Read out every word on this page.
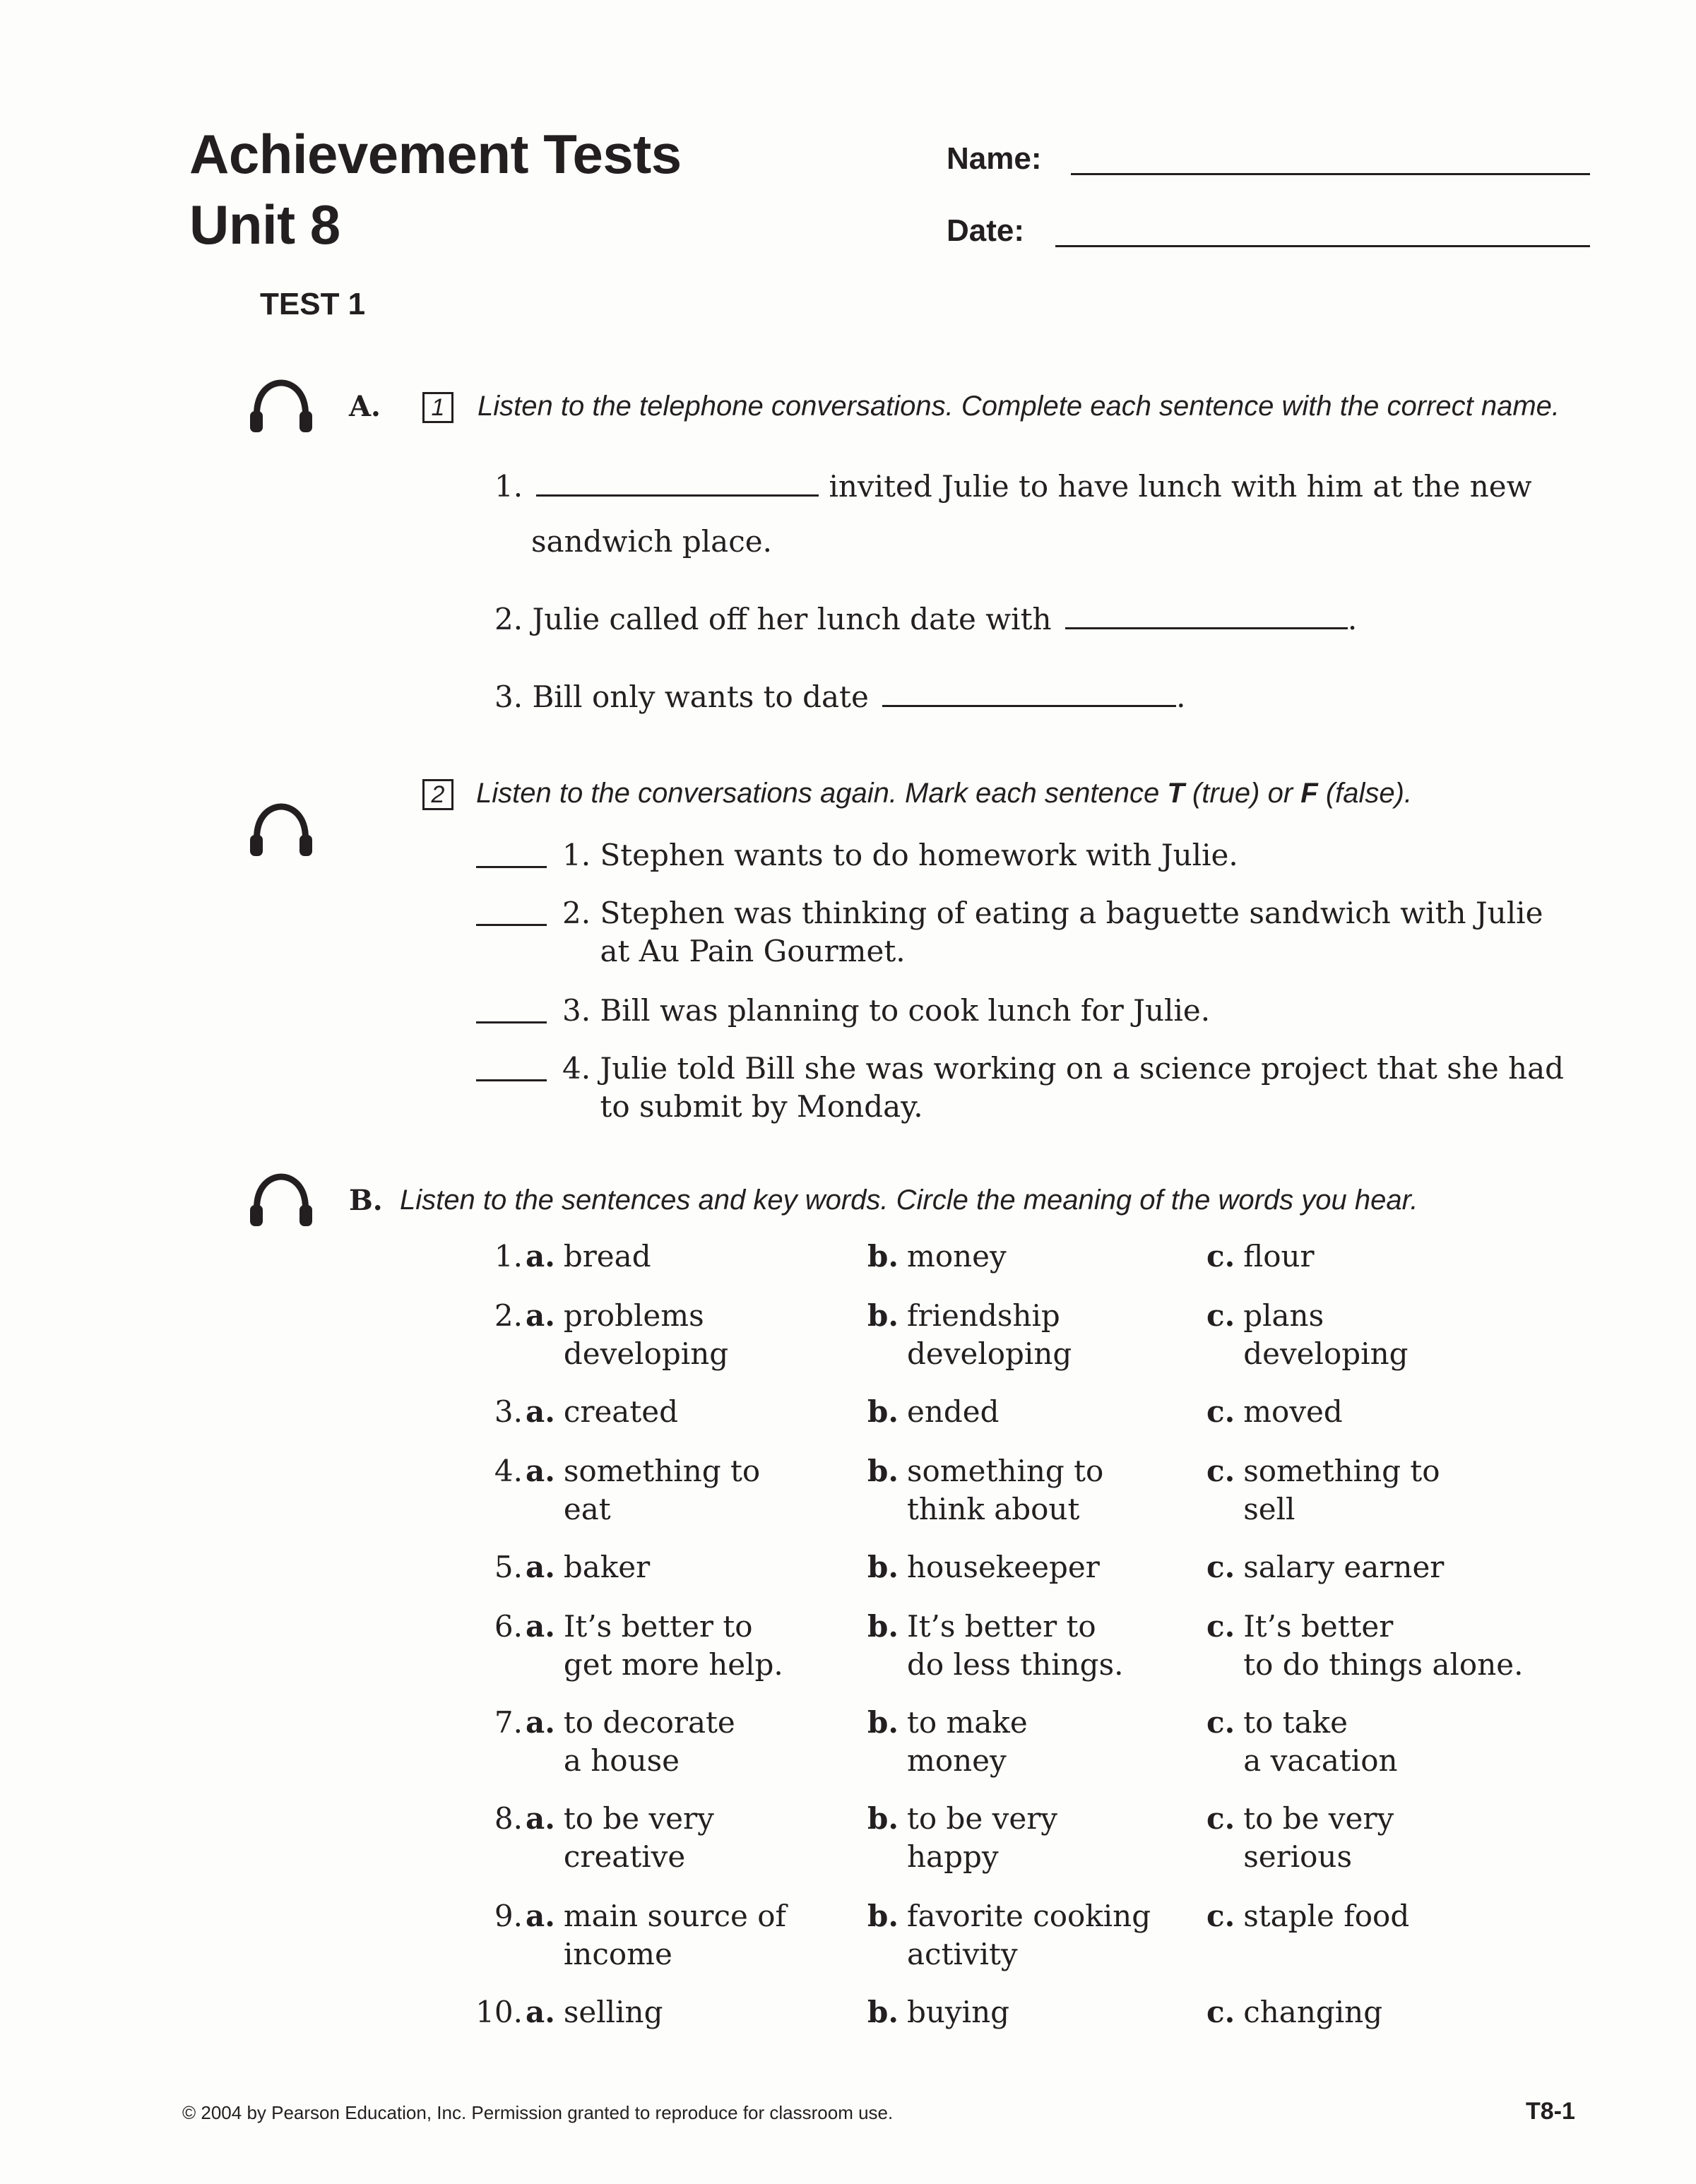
Achievement Tests
Unit 8
Name:
Date:
TEST 1
A.	1	Listen to the telephone conversations. Complete each sentence with the correct name.
1.	invited Julie to have lunch with him at the new
sandwich place.
2. Julie called off her lunch date with	.
3. Bill only wants to date	.
2	Listen to the conversations again. Mark each sentence T (true) or F (false).
1. Stephen wants to do homework with Julie.
2. Stephen was thinking of eating a baguette sandwich with Julie at Au Pain Gourmet.
3. Bill was planning to cook lunch for Julie.
4. Julie told Bill she was working on a science project that she had to submit by Monday.
B. Listen to the sentences and key words. Circle the meaning of the words you hear.
1. a. bread	b. money	c. flour
2. a. problems
developing
b. friendship
developing
c. plans
developing
3. a. created	b. ended	c. moved
4. a. something to
eat
b. something to
think about
c. something to
sell
5. a. baker	b. housekeeper	c. salary earner
6. a. It’s better to
get more help.
b. It’s better to
do less things.
c. It’s better
to do things alone.
7. a. to decorate
a house
b. to make
money
c. to take
a vacation
8. a. to be very
creative
b. to be very
happy
c. to be very
serious
9. a. main source of
income
b. favorite cooking
activity
c. staple food
10. a. selling	b. buying	c. changing
© 2004 by Pearson Education, Inc. Permission granted to reproduce for classroom use.	T8-1
